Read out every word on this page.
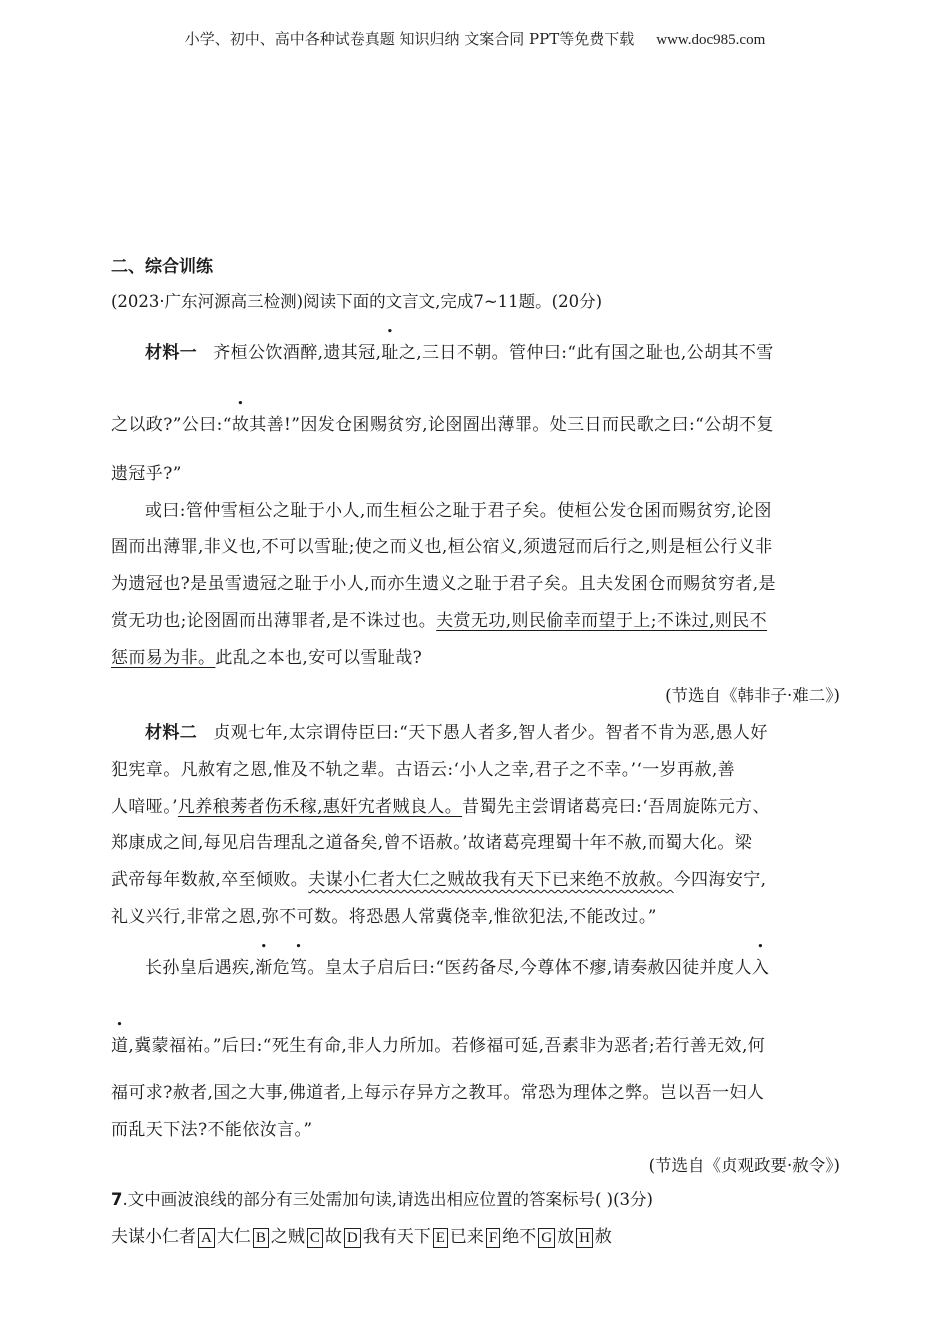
小学、初中、高中各种试卷真题 知识归纳 文案合同 PPT等免费下载 www.doc985.com
二、综合训练
(2023·广东河源高三检测)阅读下面的文言文,完成7~11题。(20分)
材料一 齐桓公饮酒醉,遗其冠,耻之,三日不朝。管仲曰:“此有国之耻也,公胡其不雪
之以政?”公曰:“故其善!”因发仓囷赐贫穷,论囹圄出薄罪。处三日而民歌之曰:“公胡不复
遗冠乎?”
或曰:管仲雪桓公之耻于小人,而生桓公之耻于君子矣。使桓公发仓囷而赐贫穷,论囹
圄而出薄罪,非义也,不可以雪耻;使之而义也,桓公宿义,须遗冠而后行之,则是桓公行义非
为遗冠也?是虽雪遗冠之耻于小人,而亦生遗义之耻于君子矣。且夫发囷仓而赐贫穷者,是
赏无功也;论囹圄而出薄罪者,是不诛过也。夫赏无功,则民偷幸而望于上;不诛过,则民不
惩而易为非。此乱之本也,安可以雪耻哉?
(节选自《韩非子·难二》)
材料二 贞观七年,太宗谓侍臣曰:“天下愚人者多,智人者少。智者不肯为恶,愚人好
犯宪章。凡赦宥之恩,惟及不轨之辈。古语云:‘小人之幸,君子之不幸。’‘一岁再赦,善
人喑哑。’凡养稂莠者伤禾稼,惠奸宄者贼良人。昔蜀先主尝谓诸葛亮曰:‘吾周旋陈元方、
郑康成之间,每见启告理乱之道备矣,曾不语赦。’故诸葛亮理蜀十年不赦,而蜀大化。梁
武帝每年数赦,卒至倾败。夫谋小仁者大仁之贼故我有天下已来绝不放赦。今四海安宁,
礼义兴行,非常之恩,弥不可数。将恐愚人常冀侥幸,惟欲犯法,不能改过。”
长孙皇后遇疾,渐危笃。皇太子启后曰:“医药备尽,今尊体不瘳,请奏赦囚徒并度人入
道,冀蒙福祐。”后曰:“死生有命,非人力所加。若修福可延,吾素非为恶者;若行善无效,何
福可求?赦者,国之大事,佛道者,上每示存异方之教耳。常恐为理体之弊。岂以吾一妇人
而乱天下法?不能依汝言。”
(节选自《贞观政要·赦令》)
7.文中画波浪线的部分有三处需加句读,请选出相应位置的答案标号( )(3分)
夫谋小仁者 A 大仁 B 之贼 C 故 D 我有天下 E 已来 F 绝不 G 放 H 赦
